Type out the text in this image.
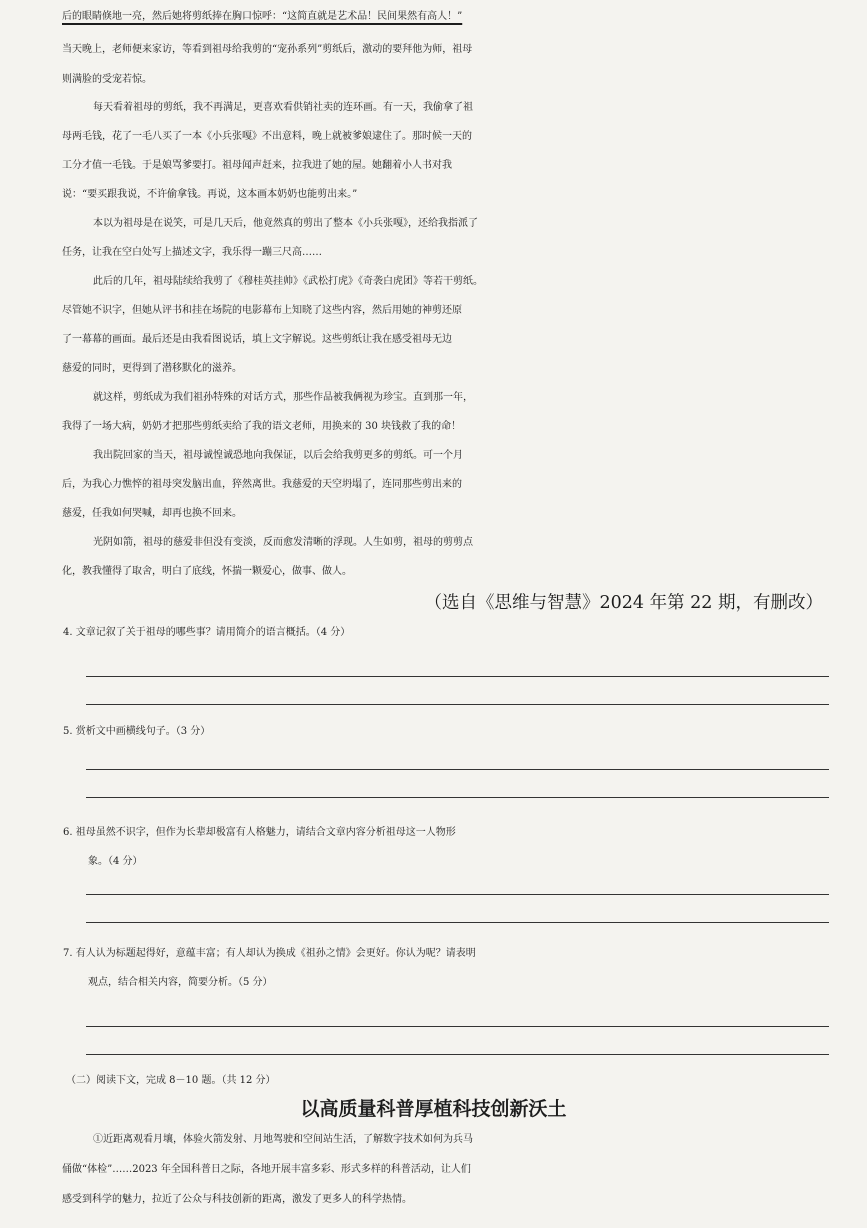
后的眼睛倏地一亮，然后她将剪纸捧在胸口惊呼：“这简直就是艺术品！民间果然有高人！”
当天晚上，老师便来家访，等看到祖母给我剪的“宠孙系列”剪纸后，激动的要拜他为师，祖母
则满脸的受宠若惊。
每天看着祖母的剪纸，我不再满足，更喜欢看供销社卖的连环画。有一天，我偷拿了祖
母两毛钱，花了一毛八买了一本《小兵张嘎》不出意料，晚上就被爹娘逮住了。那时候一天的
工分才值一毛钱。于是娘骂爹要打。祖母闻声赶来，拉我进了她的屋。她翻着小人书对我
说：“要买跟我说，不许偷拿钱。再说，这本画本奶奶也能剪出来。”
本以为祖母是在说笑，可是几天后，他竟然真的剪出了整本《小兵张嘎》，还给我指派了
任务，让我在空白处写上描述文字，我乐得一蹦三尺高……
此后的几年，祖母陆续给我剪了《穆桂英挂帅》《武松打虎》《奇袭白虎团》等若干剪纸。
尽管她不识字，但她从评书和挂在场院的电影幕布上知晓了这些内容，然后用她的神剪还原
了一幕幕的画面。最后还是由我看图说话，填上文字解说。这些剪纸让我在感受祖母无边
慈爱的同时，更得到了潜移默化的滋养。
就这样，剪纸成为我们祖孙特殊的对话方式，那些作品被我俩视为珍宝。直到那一年，
我得了一场大病，奶奶才把那些剪纸卖给了我的语文老师，用换来的 30 块钱救了我的命！
我出院回家的当天，祖母诚惶诚恐地向我保证，以后会给我剪更多的剪纸。可一个月
后，为我心力憔悴的祖母突发脑出血，猝然离世。我慈爱的天空坍塌了，连同那些剪出来的
慈爱，任我如何哭喊，却再也换不回来。
光阴如箭，祖母的慈爱非但没有变淡，反而愈发清晰的浮现。人生如剪，祖母的剪剪点
化，教我懂得了取舍，明白了底线，怀揣一颗爱心，做事、做人。
（选自《思维与智慧》2024 年第 22 期，有删改）
4. 文章记叙了关于祖母的哪些事？请用简介的语言概括。（4 分）
5. 赏析文中画横线句子。（3 分）
6. 祖母虽然不识字，但作为长辈却极富有人格魅力，请结合文章内容分析祖母这一人物形
象。（4 分）
7. 有人认为标题起得好，意蕴丰富；有人却认为换成《祖孙之情》会更好。你认为呢？请表明
观点，结合相关内容，简要分析。（5 分）
（二）阅读下文，完成 8－10 题。（共 12 分）
以高质量科普厚植科技创新沃土
①近距离观看月壤，体验火箭发射、月地驾驶和空间站生活，了解数字技术如何为兵马
俑做“体检”……2023 年全国科普日之际，各地开展丰富多彩、形式多样的科普活动，让人们
感受到科学的魅力，拉近了公众与科技创新的距离，激发了更多人的科学热情。
